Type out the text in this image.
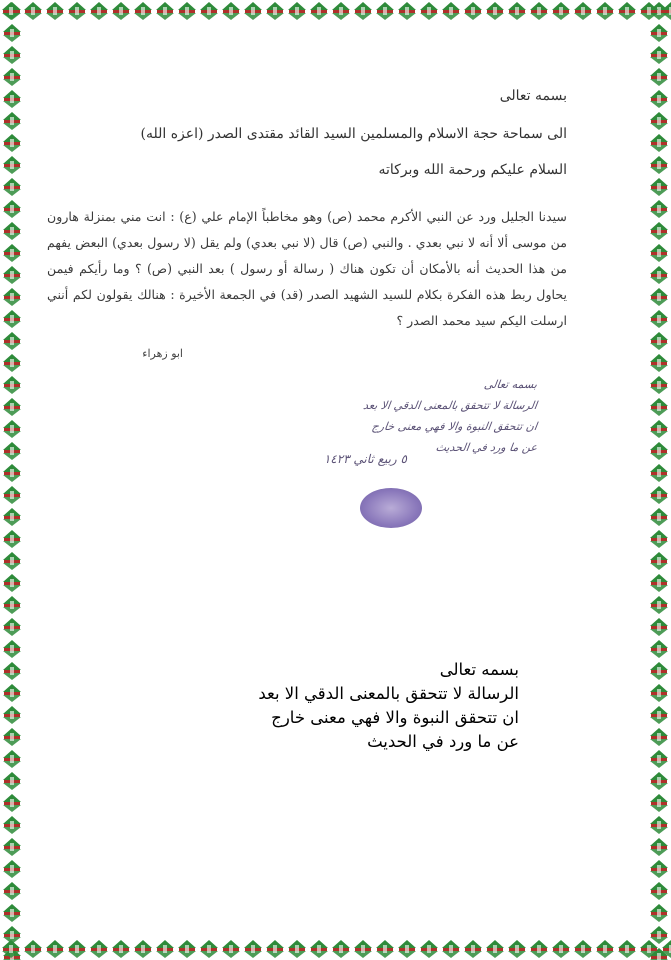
بسمه تعالى
الى سماحة حجة الاسلام والمسلمين السيد القائد مقتدى الصدر (اعزه الله)
السلام عليكم ورحمة الله وبركاته
سيدنا الجليل ورد عن النبي الأكرم محمد (ص) وهو مخاطباً الإمام علي (ع) : انت مني بمنزلة هارون من موسى ألا أنه لا نبي بعدي . والنبي (ص) قال (لا نبي بعدي) ولم يقل (لا رسول بعدي) البعض يفهم من هذا الحديث أنه بالأمكان أن تكون هناك ( رسالة أو رسول ) بعد النبي (ص) ؟ وما رأيكم فيمن يحاول ربط هذه الفكرة بكلام للسيد الشهيد الصدر (قد) في الجمعة الأخيرة : هنالك يقولون لكم أنني ارسلت اليكم سيد محمد الصدر ؟
ابو زهراء
بسمه تعالى
الرسالة لا تتحقق بالمعنى الدقي الا بعد
ان تتحقق النبوة والا فهي معنى خارج
عن ما ورد في الحديث
٥ ربيع ثاني ١٤٢٣
بسمه تعالى
الرسالة لا تتحقق بالمعنى الدقي الا بعد
ان تتحقق النبوة والا فهي معنى خارج
عن ما ورد في الحديث
